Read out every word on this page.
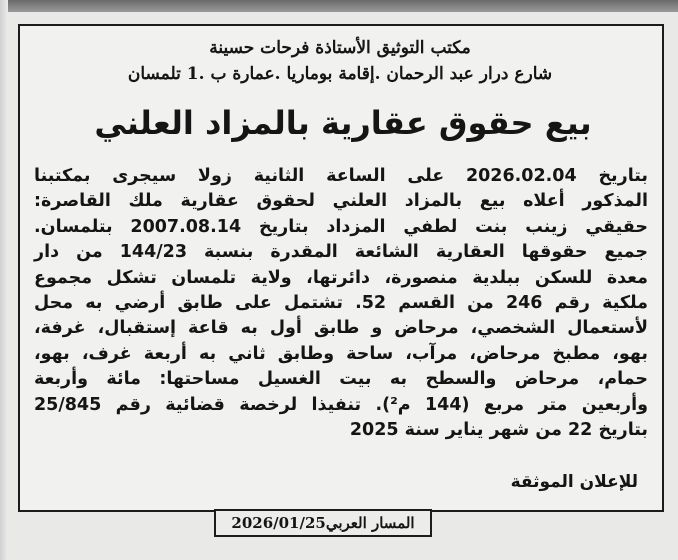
مكتب التوثيق الأستاذة فرحات حسينة
شارع درار عبد الرحمان .إقامة بوماريا .عمارة ب .1 تلمسان
بيع حقوق عقارية بالمزاد العلني
بتاريخ 2026.02.04 على الساعة الثانية زولا سيجرى بمكتبنا
المذكور أعلاه بيع بالمزاد العلني لحقوق عقارية ملك القاصرة:
حقيقي زينب بنت لطفي المزداد بتاريخ 2007.08.14 بتلمسان.
جميع حقوقها العقارية الشائعة المقدرة بنسبة 144/23 من دار
معدة للسكن ببلدية منصورة، دائرتها، ولاية تلمسان تشكل مجموع
ملكية رقم 246 من القسم 52. تشتمل على طابق أرضي به محل
لأستعمال الشخصي، مرحاض و طابق أول به قاعة إستقبال، غرفة،
بهو، مطبخ مرحاض، مرآب، ساحة وطابق ثاني به أربعة غرف، بهو،
حمام، مرحاض والسطح به بيت الغسيل مساحتها: مائة وأربعة
وأربعين متر مربع (144 م²). تنفيذا لرخصة قضائية رقم 25/845
بتاريخ 22 من شهر يناير سنة 2025
للإعلان الموثقة
المسار العربي2026/01/25
